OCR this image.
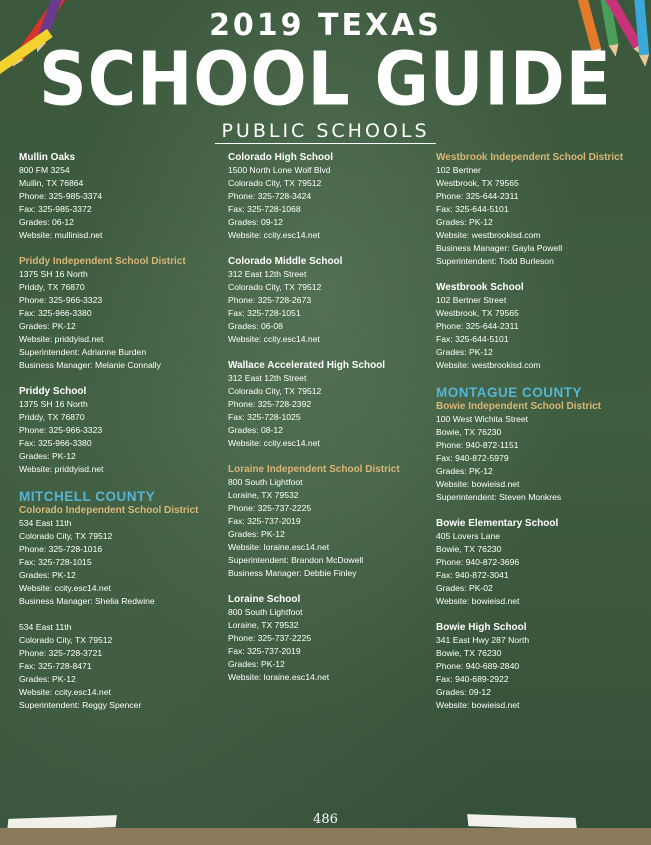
2019 TEXAS
SCHOOL GUIDE
PUBLIC SCHOOLS
Mullin Oaks
800 FM 3254
Mullin, TX 76864
Phone: 325-985-3374
Fax: 325-985-3372
Grades: 06-12
Website: mullinisd.net
Priddy Independent School District
1375 SH 16 North
Priddy, TX 76870
Phone: 325-966-3323
Fax: 325-966-3380
Grades: PK-12
Website: priddyisd.net
Superintendent: Adrianne Burden
Business Manager: Melanie Connally
Priddy School
1375 SH 16 North
Priddy, TX 76870
Phone: 325-966-3323
Fax: 325-966-3380
Grades: PK-12
Website: priddyisd.net
MITCHELL COUNTY
Colorado Independent School District
534 East 11th
Colorado City, TX 79512
Phone: 325-728-1016
Fax: 325-728-1015
Grades: PK-12
Website: ccity.esc14.net
Business Manager: Shelia Redwine
534 East 11th
Colorado City, TX 79512
Phone: 325-728-3721
Fax: 325-728-8471
Grades: PK-12
Website: ccity.esc14.net
Superintendent: Reggy Spencer
Colorado High School
1500 North Lone Wolf Blvd
Colorado City, TX 79512
Phone: 325-728-3424
Fax: 325-728-1068
Grades: 09-12
Website: ccity.esc14.net
Colorado Middle School
312 East 12th Street
Colorado City, TX 79512
Phone: 325-728-2673
Fax: 325-728-1051
Grades: 06-08
Website: ccity.esc14.net
Wallace Accelerated High School
312 East 12th Street
Colorado City, TX 79512
Phone: 325-728-2392
Fax: 325-728-1025
Grades: 08-12
Website: ccity.esc14.net
Loraine Independent School District
800 South Lightfoot
Loraine, TX 79532
Phone: 325-737-2225
Fax: 325-737-2019
Grades: PK-12
Website: loraine.esc14.net
Superintendent: Brandon McDowell
Business Manager: Debbie Finley
Loraine School
800 South Lightfoot
Loraine, TX 79532
Phone: 325-737-2225
Fax: 325-737-2019
Grades: PK-12
Website: loraine.esc14.net
Westbrook Independent School District
102 Bertner
Westbrook, TX 79565
Phone: 325-644-2311
Fax: 325-644-5101
Grades: PK-12
Website: westbrookisd.com
Business Manager: Gayla Powell
Superintendent: Todd Burleson
Westbrook School
102 Bertner Street
Westbrook, TX 79565
Phone: 325-644-2311
Fax: 325-644-5101
Grades: PK-12
Website: westbrookisd.com
MONTAGUE COUNTY
Bowie Independent School District
100 West Wichita Street
Bowie, TX 76230
Phone: 940-872-1151
Fax: 940-872-5979
Grades: PK-12
Website: bowieisd.net
Superintendent: Steven Monkres
Bowie Elementary School
405 Lovers Lane
Bowie, TX 76230
Phone: 940-872-3696
Fax: 940-872-3041
Grades: PK-02
Website: bowieisd.net
Bowie High School
341 East Hwy 287 North
Bowie, TX 76230
Phone: 940-689-2840
Fax: 940-689-2922
Grades: 09-12
Website: bowieisd.net
486
